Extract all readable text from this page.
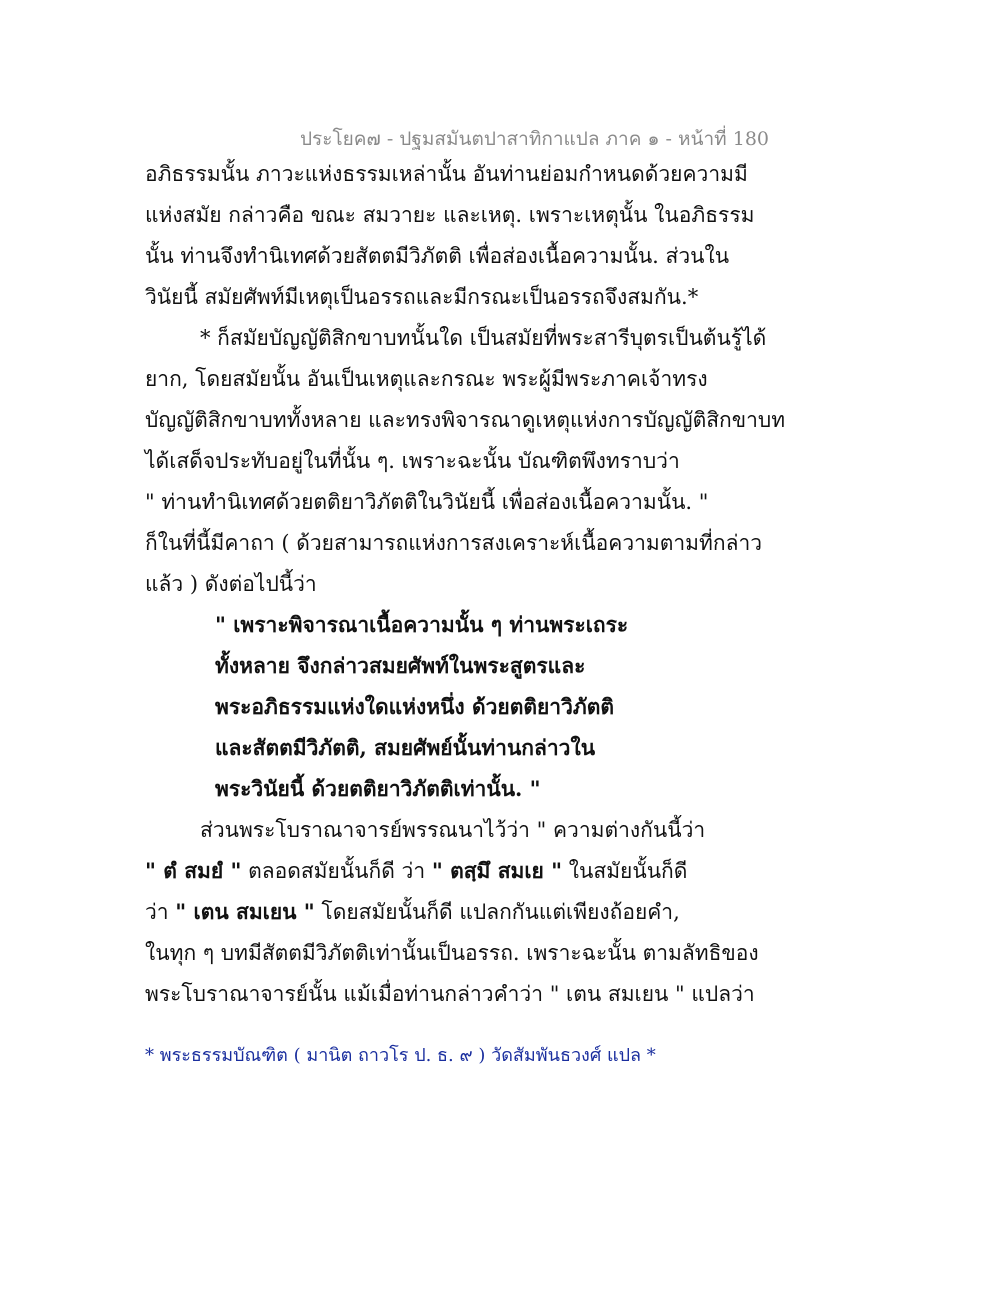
ประโยค๗ - ปฐมสมันตปาสาทิกาแปล ภาค ๑ - หน้าที่ 180
อภิธรรมนั้น ภาวะแห่งธรรมเหล่านั้น อันท่านย่อมกำหนดด้วยความมี
แห่งสมัย กล่าวคือ ขณะ สมวายะ และเหตุ. เพราะเหตุนั้น ในอภิธรรม
นั้น ท่านจึงทำนิเทศด้วยสัตตมีวิภัตติ เพื่อส่องเนื้อความนั้น. ส่วนใน
วินัยนี้ สมัยศัพท์มีเหตุเป็นอรรถและมีกรณะเป็นอรรถจึงสมกัน.*
* ก็สมัยบัญญัติสิกขาบทนั้นใด เป็นสมัยที่พระสารีบุตรเป็นต้นรู้ได้
ยาก, โดยสมัยนั้น อันเป็นเหตุและกรณะ พระผู้มีพระภาคเจ้าทรง
บัญญัติสิกขาบททั้งหลาย และทรงพิจารณาดูเหตุแห่งการบัญญัติสิกขาบท
ได้เสด็จประทับอยู่ในที่นั้น ๆ. เพราะฉะนั้น บัณฑิตพึงทราบว่า
" ท่านทำนิเทศด้วยตติยาวิภัตติในวินัยนี้ เพื่อส่องเนื้อความนั้น. "
ก็ในที่นี้มีคาถา ( ด้วยสามารถแห่งการสงเคราะห์เนื้อความตามที่กล่าว
แล้ว ) ดังต่อไปนี้ว่า
" เพราะพิจารณาเนื้อความนั้น ๆ ท่านพระเถระ
ทั้งหลาย จึงกล่าวสมยศัพท์ในพระสูตรและ
พระอภิธรรมแห่งใดแห่งหนึ่ง ด้วยตติยาวิภัตติ
และสัตตมีวิภัตติ, สมยศัพย์นั้นท่านกล่าวใน
พระวินัยนี้ ด้วยตติยาวิภัตติเท่านั้น. "
ส่วนพระโบราณาจารย์พรรณนาไว้ว่า " ความต่างกันนี้ว่า
" ตํ สมยํ " ตลอดสมัยนั้นก็ดี ว่า " ตสฺมึ สมเย " ในสมัยนั้นก็ดี
ว่า " เตน สมเยน " โดยสมัยนั้นก็ดี แปลกกันแต่เพียงถ้อยคำ,
ในทุก ๆ บทมีสัตตมีวิภัตติเท่านั้นเป็นอรรถ. เพราะฉะนั้น ตามลัทธิของ
พระโบราณาจารย์นั้น แม้เมื่อท่านกล่าวคำว่า " เตน สมเยน " แปลว่า
* พระธรรมบัณฑิต ( มานิต ถาวโร ป. ธ. ๙ ) วัดสัมพันธวงศ์ แปล *
